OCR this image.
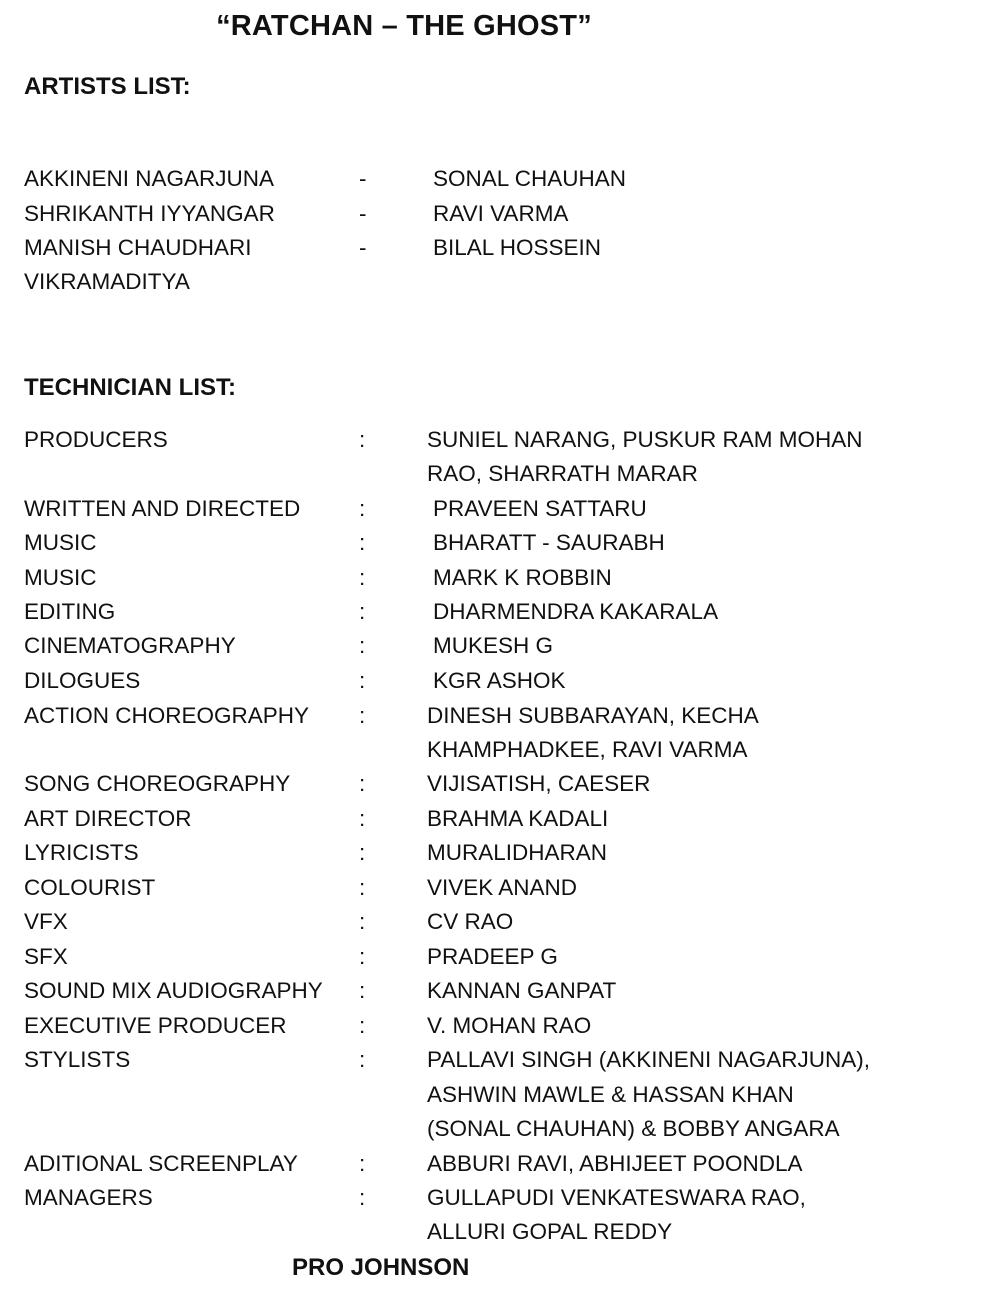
“RATCHAN – THE GHOST”
ARTISTS LIST:
AKKINENI NAGARJUNA	-	SONAL CHAUHAN
SHRIKANTH IYYANGAR	-	RAVI VARMA
MANISH CHAUDHARI	-	BILAL HOSSEIN
VIKRAMADITYA
TECHNICIAN LIST:
PRODUCERS	:	SUNIEL NARANG, PUSKUR RAM MOHAN
RAO, SHARRATH MARAR
WRITTEN AND DIRECTED	:	PRAVEEN SATTARU
MUSIC	:	BHARATT - SAURABH
MUSIC	:	MARK K ROBBIN
EDITING	:	DHARMENDRA KAKARALA
CINEMATOGRAPHY	:	MUKESH G
DILOGUES	:	KGR ASHOK
ACTION CHOREOGRAPHY :	DINESH SUBBARAYAN, KECHA
KHAMPHADKEE, RAVI VARMA
SONG CHOREOGRAPHY	:	VIJISATISH, CAESER
ART DIRECTOR	:	BRAHMA KADALI
LYRICISTS	:	MURALIDHARAN
COLOURIST	:	VIVEK ANAND
VFX	:	CV RAO
SFX	:	PRADEEP G
SOUND MIX AUDIOGRAPHY :	KANNAN GANPAT
EXECUTIVE PRODUCER	:	V. MOHAN RAO
STYLISTS	:	PALLAVI SINGH (AKKINENI NAGARJUNA),
ASHWIN MAWLE & HASSAN KHAN
(SONAL CHAUHAN) & BOBBY ANGARA
ADITIONAL SCREENPLAY	:	ABBURI RAVI, ABHIJEET POONDLA
MANAGERS	:	GULLAPUDI VENKATESWARA RAO,
ALLURI GOPAL REDDY
PRO JOHNSON
